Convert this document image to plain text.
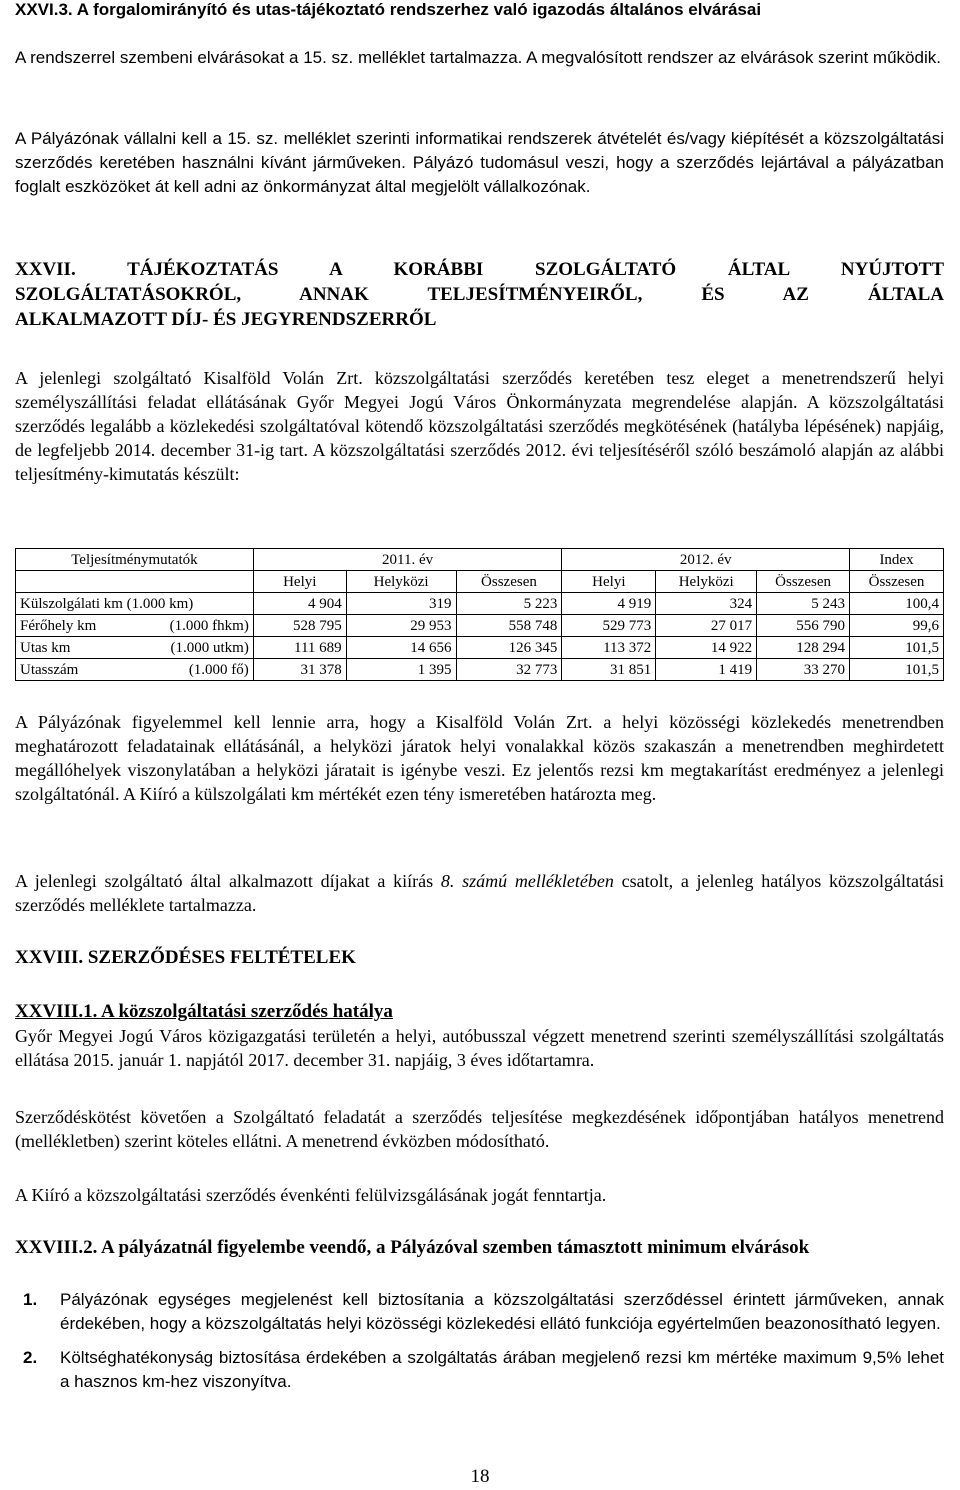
XXVI.3. A forgalomirányító és utas-tájékoztató rendszerhez való igazodás általános elvárásai

A rendszerrel szembeni elvárásokat a 15. sz. melléklet tartalmazza. A megvalósított rendszer az elvárások szerint működik.

A Pályázónak vállalni kell a 15. sz. melléklet szerinti informatikai rendszerek átvételét és/vagy kiépítését a közszolgáltatási szerződés keretében használni kívánt járműveken. Pályázó tudomásul veszi, hogy a szerződés lejártával a pályázatban foglalt eszközöket át kell adni az önkormányzat által megjelölt vállalkozónak.

XXVII. TÁJÉKOZTATÁS A KORÁBBI SZOLGÁLTATÓ ÁLTAL NYÚJTOTT
SZOLGÁLTATÁSOKRÓL, ANNAK TELJESÍTMÉNYEIRŐL, ÉS AZ ÁLTALA
ALKALMAZOTT DÍJ- ÉS JEGYRENDSZERRŐL

A jelenlegi szolgáltató Kisalföld Volán Zrt. közszolgáltatási szerződés keretében tesz eleget a menetrendszerű helyi személyszállítási feladat ellátásának Győr Megyei Jogú Város Önkormányzata megrendelése alapján. A közszolgáltatási szerződés legalább a közlekedési szolgáltatóval kötendő közszolgáltatási szerződés megkötésének (hatályba lépésének) napjáig, de legfeljebb 2014. december 31-ig tart. A közszolgáltatási szerződés 2012. évi teljesítéséről szóló beszámoló alapján az alábbi teljesítmény-kimutatás készült:

Teljesítménymutatók	2011. év			2012. év			Index
	Helyi	Helyközi	Összesen	Helyi	Helyközi	Összesen	Összesen

Külszolgálati km (1.000 km)	4 904	319	5 223	4 919	324	5 243	100,4

Férőhely km (1.000 fhkm)	528 795	29 953	558 748	529 773	27 017	556 790	99,6

Utas km (1.000 utkm)	111 689	14 656	126 345	113 372	14 922	128 294	101,5

Utasszám (1.000 fő)	31 378	1 395	32 773	31 851	1 419	33 270	101,5

A Pályázónak figyelemmel kell lennie arra, hogy a Kisalföld Volán Zrt. a helyi közösségi közlekedés menetrendben meghatározott feladatainak ellátásánál, a helyközi járatok helyi vonalakkal közös szakaszán a menetrendben meghirdetett megállóhelyek viszonylatában a helyközi járatait is igénybe veszi. Ez jelentős rezsi km megtakarítást eredményez a jelenlegi szolgáltatónál. A Kiíró a külszolgálati km mértékét ezen tény ismeretében határozta meg.

A jelenlegi szolgáltató által alkalmazott díjakat a kiírás 8. számú mellékletében csatolt, a jelenleg hatályos közszolgáltatási szerződés melléklete tartalmazza.

XXVIII. SZERZŐDÉSES FELTÉTELEK
XXVIII.1. A közszolgáltatási szerződés hatálya

Győr Megyei Jogú Város közigazgatási területén a helyi, autóbusszal végzett menetrend szerinti személyszállítási szolgáltatás ellátása 2015. január 1. napjától 2017. december 31. napjáig, 3 éves időtartamra.

Szerződéskötést követően a Szolgáltató feladatát a szerződés teljesítése megkezdésének időpontjában hatályos menetrend (mellékletben) szerint köteles ellátni. A menetrend évközben módosítható.

A Kiíró a közszolgáltatási szerződés évenkénti felülvizsgálásának jogát fenntartja.

XXVIII.2. A pályázatnál figyelembe veendő, a Pályázóval szemben támasztott minimum elvárások
1. Pályázónak egységes megjelenést kell biztosítania a közszolgáltatási szerződéssel érintett járműveken, annak érdekében, hogy a közszolgáltatás helyi közösségi közlekedési ellátó funkciója egyértelműen beazonosítható legyen.
2. Költséghatékonyság biztosítása érdekében a szolgáltatás árában megjelenő rezsi km mértéke maximum 9,5% lehet a hasznos km-hez viszonyítva.
18
